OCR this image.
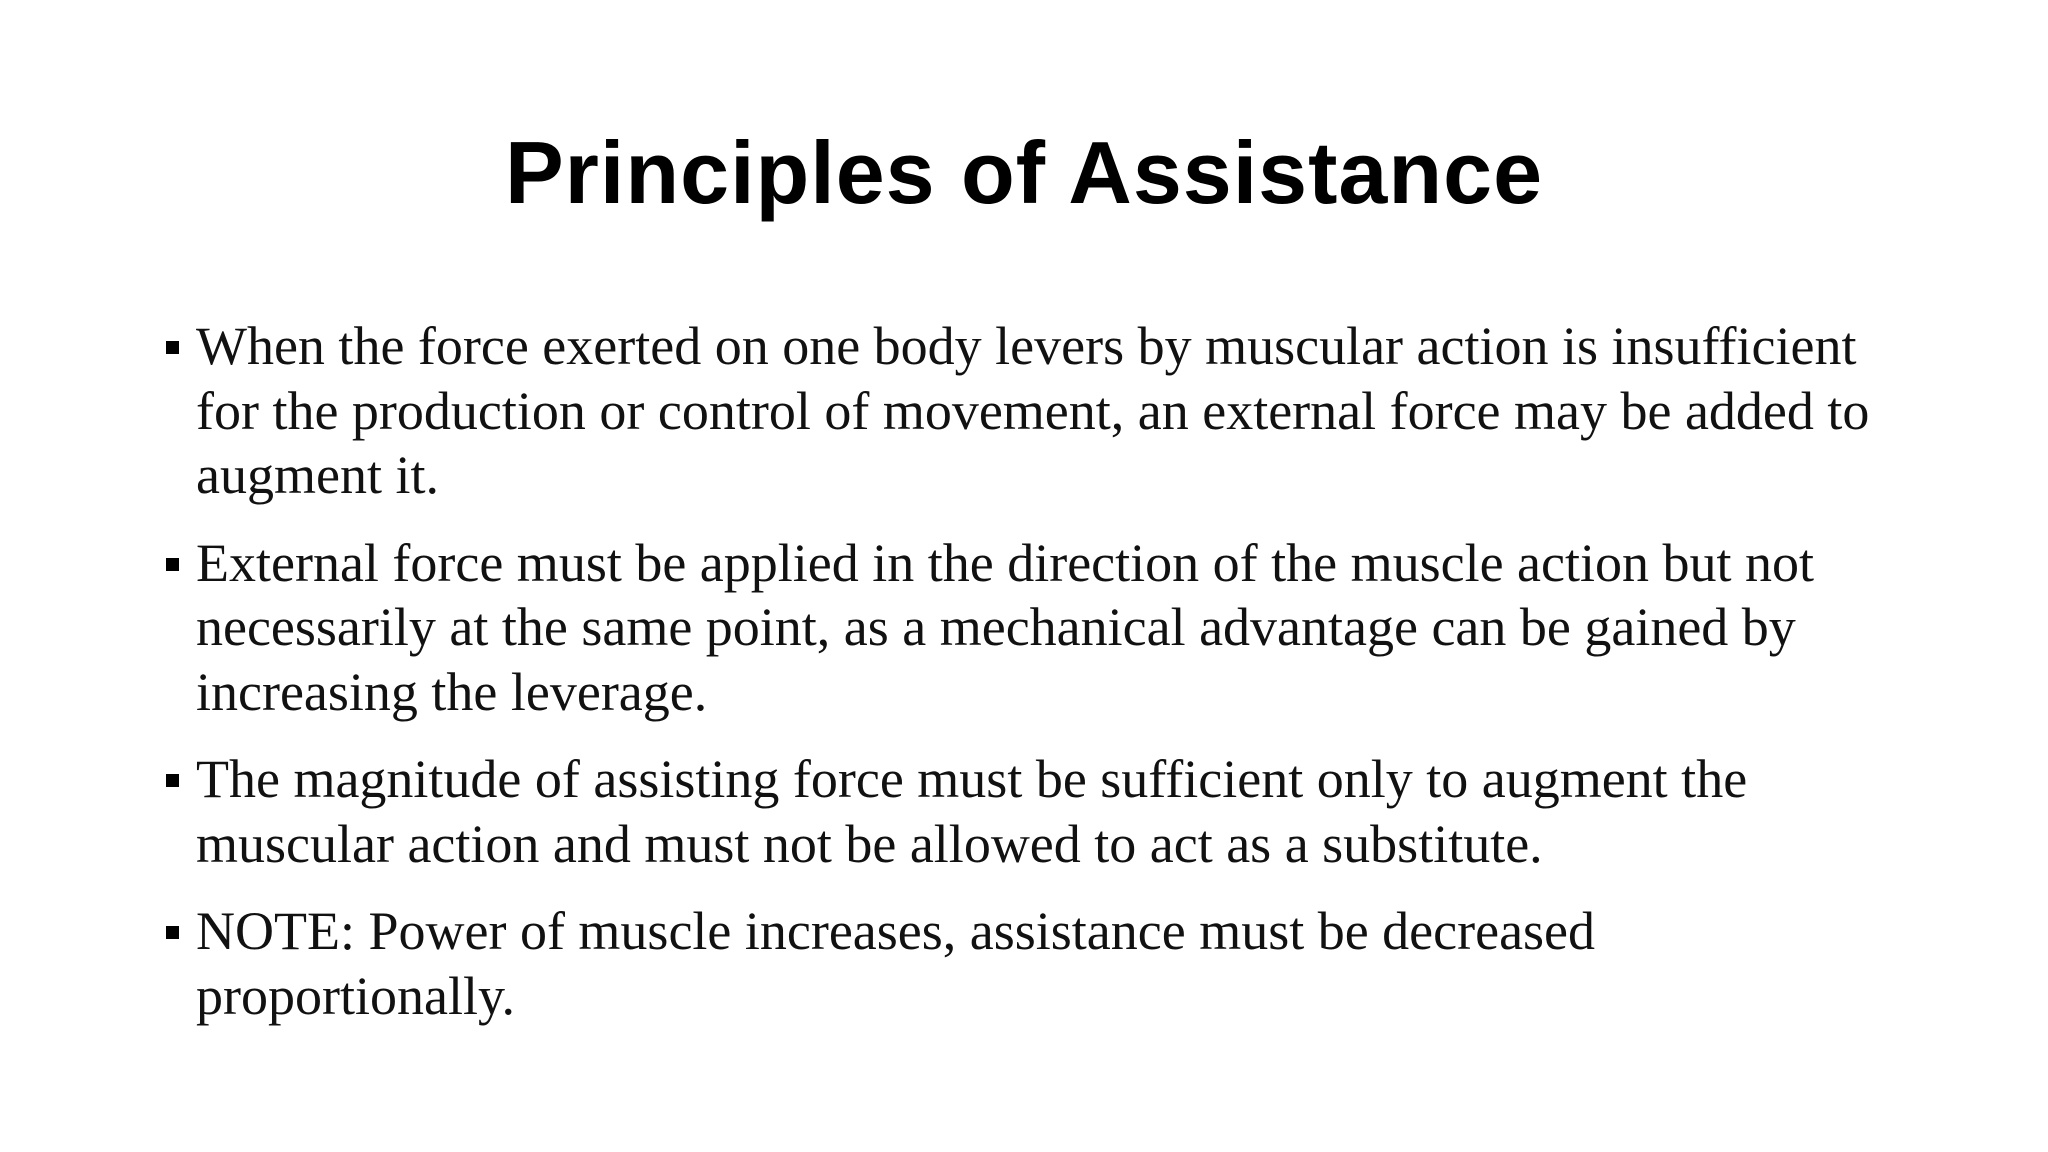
Principles of Assistance
When the force exerted on one body levers by muscular action is insufficient for the production or control of movement, an external force may be added to augment it.
External force must be applied in the direction of the muscle action but not necessarily at the same point, as a mechanical advantage can be gained by increasing the leverage.
The magnitude of assisting force must be sufficient only to augment the muscular action and must not be allowed to act as a substitute.
NOTE: Power of muscle increases, assistance must be decreased proportionally.
